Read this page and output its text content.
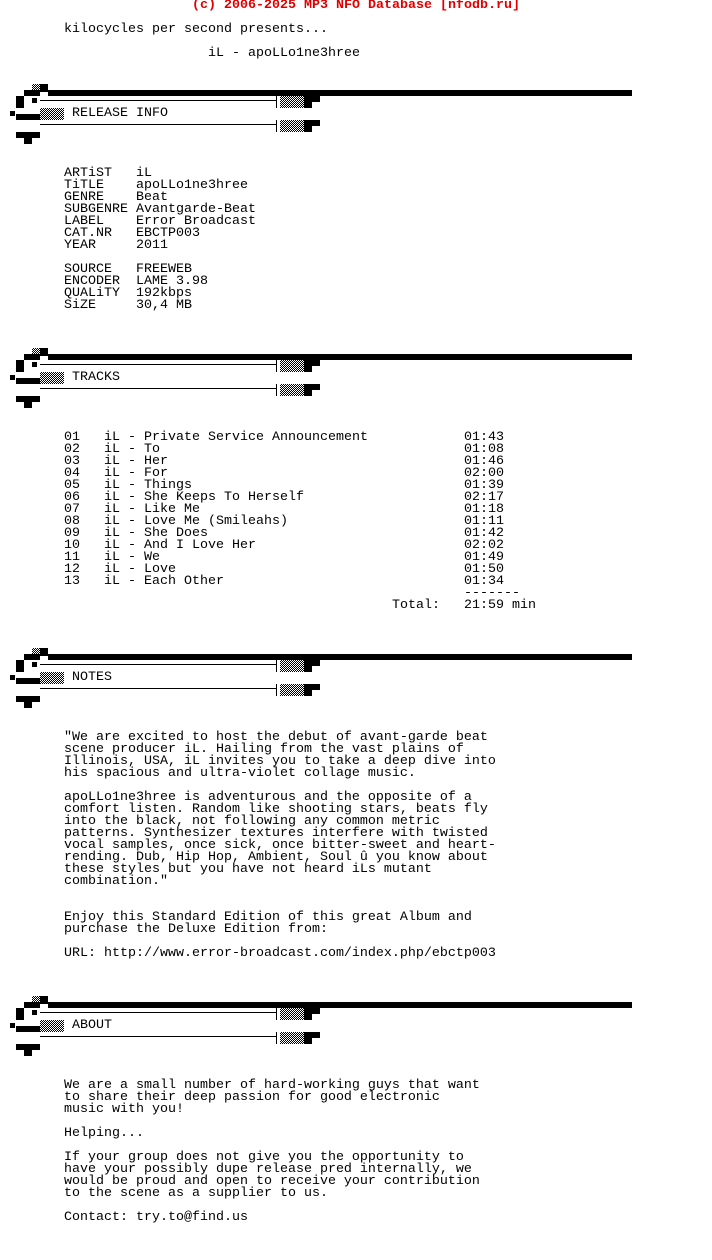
(c) 2006-2025 MP3 NFO Database [nfodb.ru]
kilocycles per second presents...
iL - apoLLo1ne3hree
RELEASE INFO
ARTiST iL
TiTLE apoLLo1ne3hree
GENRE Beat
SUBGENRE Avantgarde-Beat
LABEL Error Broadcast
CAT.NR EBCTP003
YEAR	2011
SOURCE FREEWEB
ENCODER LAME 3.98
QUALiTY 192kbps
SiZE	30,4 MB
TRACKS
01 iL - Private Service Announcement	01:43
02 iL - To	01:08
03 iL - Her	01:46
04 iL - For	02:00
05 iL - Things	01:39
06 iL - She Keeps To Herself	02:17
07 iL - Like Me	01:18
08 iL - Love Me (Smileahs)	01:11
09 iL - She Does	01:42
10 iL - And I Love Her	02:02
11 iL - We	01:49
12 iL - Love	01:50
13 iL - Each Other	01:34
-------
Total: 21:59 min
NOTES
"We are excited to host the debut of avant-garde beat
scene producer iL. Hailing from the vast plains of
Illinois, USA, iL invites you to take a deep dive into
his spacious and ultra-violet collage music.
apoLLo1ne3hree is adventurous and the opposite of a
comfort listen. Random like shooting stars, beats fly
into the black, not following any common metric
patterns. Synthesizer textures interfere with twisted
vocal samples, once sick, once bitter-sweet and heart-
rending. Dub, Hip Hop, Ambient, Soul û you know about
these styles but you have not heard iLs mutant
combination."
Enjoy this Standard Edition of this great Album and
purchase the Deluxe Edition from:
URL: http://www.error-broadcast.com/index.php/ebctp003
ABOUT
We are a small number of hard-working guys that want
to share their deep passion for good electronic
music with you!
Helping...
If your group does not give you the opportunity to
have your possibly dupe release pred internally, we
would be proud and open to receive your contribution
to the scene as a supplier to us.
Contact: try.to@find.us
